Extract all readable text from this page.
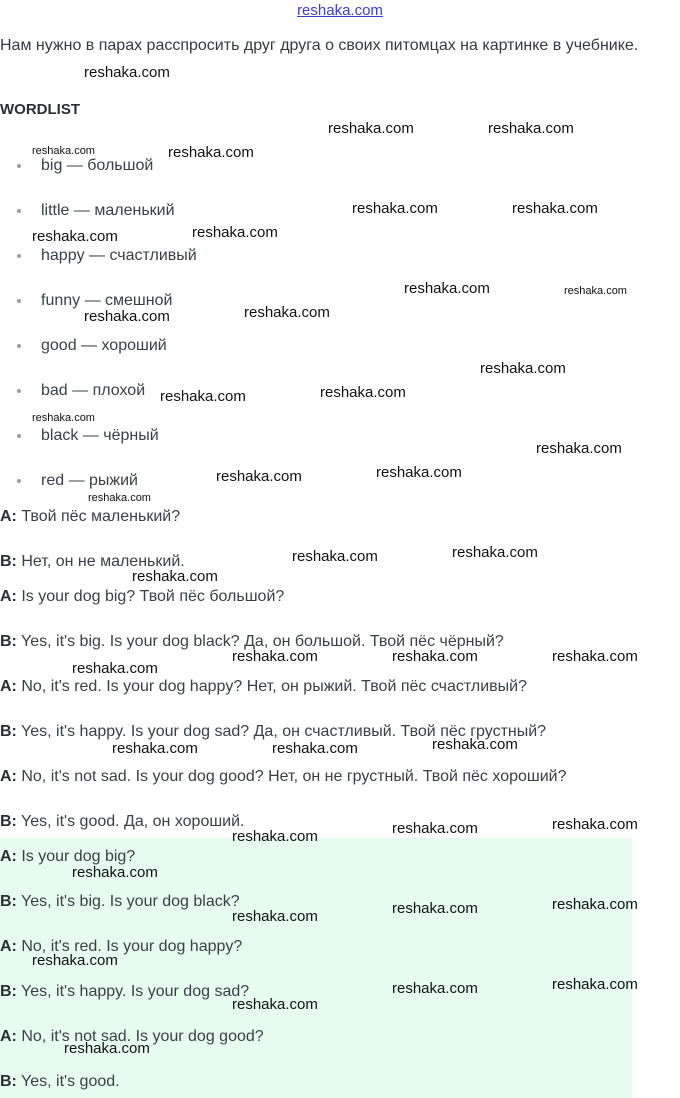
reshaka.com

Нам нужно в парах расспросить друг друга о своих питомцах на картинке в учебнике.

WORDLIST
big — большой
little — маленький
happy — счастливый
funny — смешной
good — хороший
bad — плохой
black — чёрный
red — рыжий

A: Твой пёс маленький?

B: Нет, он не маленький.

A: Is your dog big? Твой пёс большой?

B: Yes, it's big. Is your dog black? Да, он большой. Твой пёс чёрный?

A: No, it's red. Is your dog happy? Нет, он рыжий. Твой пёс счастливый?

B: Yes, it's happy. Is your dog sad? Да, он счастливый. Твой пёс грустный?

A: No, it's not sad. Is your dog good? Нет, он не грустный. Твой пёс хороший?

B: Yes, it's good. Да, он хороший.

A: Is your dog big?

B: Yes, it's big. Is your dog black?

A: No, it's red. Is your dog happy?

B: Yes, it's happy. Is your dog sad?

A: No, it's not sad. Is your dog good?

B: Yes, it's good.

reshaka.com
reshaka.com	reshaka.com
reshaka.com	reshaka.com
reshaka.com	reshaka.com
reshaka.com	reshaka.com
reshaka.com	reshaka.com
reshaka.com	reshaka.com
reshaka.com
reshaka.com	reshaka.com
reshaka.com
reshaka.com
reshaka.com	reshaka.com
reshaka.com
reshaka.com	reshaka.com
reshaka.com
reshaka.com
reshaka.com	reshaka.com	reshaka.com
reshaka.com	reshaka.com	reshaka.com
reshaka.com	reshaka.com	reshaka.com
reshaka.com
reshaka.com	reshaka.com	reshaka.com
reshaka.com
reshaka.com
reshaka.com	reshaka.com
reshaka.com
